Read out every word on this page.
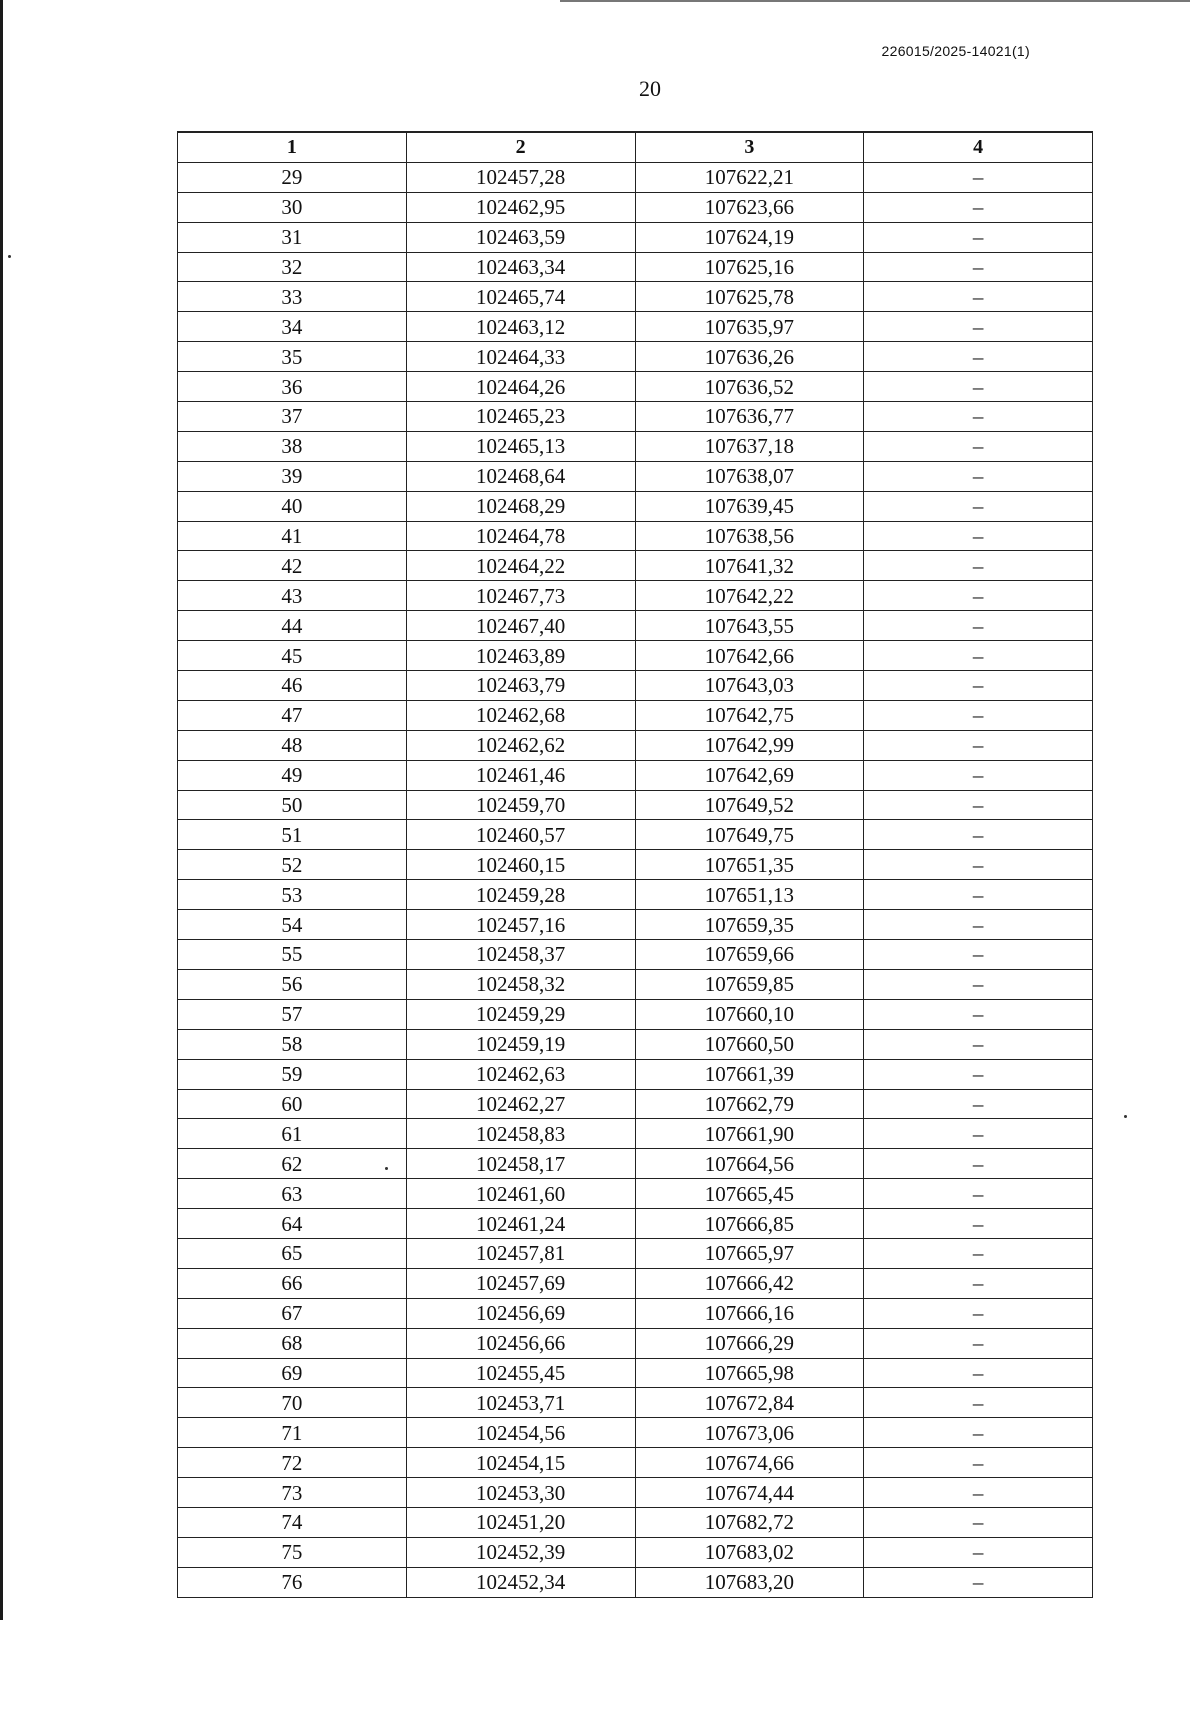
226015/2025-14021(1)
20
1	2	3	4
29	102457,28	107622,21	–
30	102462,95	107623,66	–
31	102463,59	107624,19	–
32	102463,34	107625,16	–
33	102465,74	107625,78	–
34	102463,12	107635,97	–
35	102464,33	107636,26	–
36	102464,26	107636,52	–
37	102465,23	107636,77	–
38	102465,13	107637,18	–
39	102468,64	107638,07	–
40	102468,29	107639,45	–
41	102464,78	107638,56	–
42	102464,22	107641,32	–
43	102467,73	107642,22	–
44	102467,40	107643,55	–
45	102463,89	107642,66	–
46	102463,79	107643,03	–
47	102462,68	107642,75	–
48	102462,62	107642,99	–
49	102461,46	107642,69	–
50	102459,70	107649,52	–
51	102460,57	107649,75	–
52	102460,15	107651,35	–
53	102459,28	107651,13	–
54	102457,16	107659,35	–
55	102458,37	107659,66	–
56	102458,32	107659,85	–
57	102459,29	107660,10	–
58	102459,19	107660,50	–
59	102462,63	107661,39	–
60	102462,27	107662,79	–
61	102458,83	107661,90	–
62	102458,17	107664,56	–
63	102461,60	107665,45	–
64	102461,24	107666,85	–
65	102457,81	107665,97	–
66	102457,69	107666,42	–
67	102456,69	107666,16	–
68	102456,66	107666,29	–
69	102455,45	107665,98	–
70	102453,71	107672,84	–
71	102454,56	107673,06	–
72	102454,15	107674,66	–
73	102453,30	107674,44	–
74	102451,20	107682,72	–
75	102452,39	107683,02	–
76	102452,34	107683,20	–
